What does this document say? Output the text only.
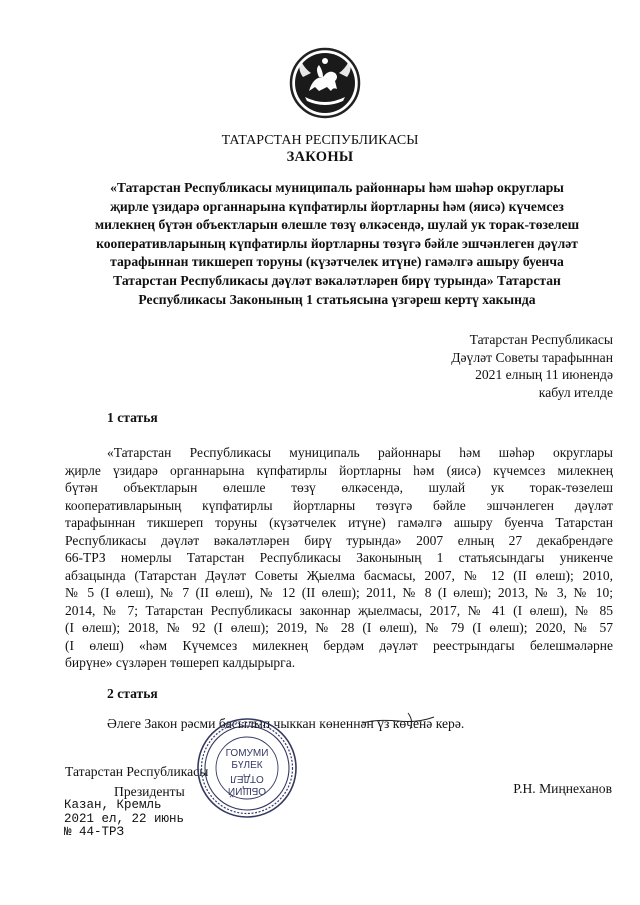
ТАТАРСТАН РЕСПУБЛИКАСЫ
ЗАКОНЫ
«Татарстан Республикасы муниципаль районнары һәм шәһәр округлары
җирле үзидарә органнарына күпфатирлы йортларны һәм (яисә) күчемсез
милекнең бүтән объектларын өлешле төзү өлкәсендә, шулай ук торак-төзелеш
кооперативларының күпфатирлы йортларны төзүгә бәйле эшчәнлеген дәүләт
тарафыннан тикшереп торуны (күзәтчелек итүне) гамәлгә ашыру буенча
Татарстан Республикасы дәүләт вәкаләтләрен бирү турында» Татарстан
Республикасы Законының 1 статьясына үзгәреш кертү хакында
Татарстан Республикасы
Дәүләт Советы тарафыннан
2021 елның 11 июнендә
кабул ителде
1 статья
«Татарстан Республикасы муниципаль районнары һәм шәһәр округлары
җирле үзидарә органнарына күпфатирлы йортларны һәм (яисә) күчемсез милекнең
бүтән объектларын өлешле төзү өлкәсендә, шулай ук торак-төзелеш
кооперативларының күпфатирлы йортларны төзүгә бәйле эшчәнлеген дәүләт
тарафыннан тикшереп торуны (күзәтчелек итүне) гамәлгә ашыру буенча Татарстан
Республикасы дәүләт вәкаләтләрен бирү турында» 2007 елның 27 декабрендәге
66-ТРЗ номерлы Татарстан Республикасы Законының 1 статьясындагы уникенче
абзацында (Татарстан Дәүләт Советы Җыелма басмасы, 2007, № 12 (II өлеш); 2010,
№ 5 (I өлеш), № 7 (II өлеш), № 12 (II өлеш); 2011, № 8 (I өлеш); 2013, № 3, № 10;
2014, № 7; Татарстан Республикасы законнар җыелмасы, 2017, № 41 (I өлеш), № 85
(I өлеш); 2018, № 92 (I өлеш); 2019, № 28 (I өлеш), № 79 (I өлеш); 2020, № 57
(I өлеш) «һәм Күчемсез милекнең бердәм дәүләт реестрындагы белешмәләрне
бирүне» сүзләрен төшереп калдырырга.
2 статья
Әлеге Закон рәсми басылып чыккан көненнән үз көченә керә.
Татарстан Республикасы
Президенты	Р.Н. Миңнеханов
Казан, Кремль
2021 ел, 22 июнь
№ 44-ТРЗ
ГОМУМИ
БҮЛЕК
ОТДЕЛ
ОБЩИЙ
